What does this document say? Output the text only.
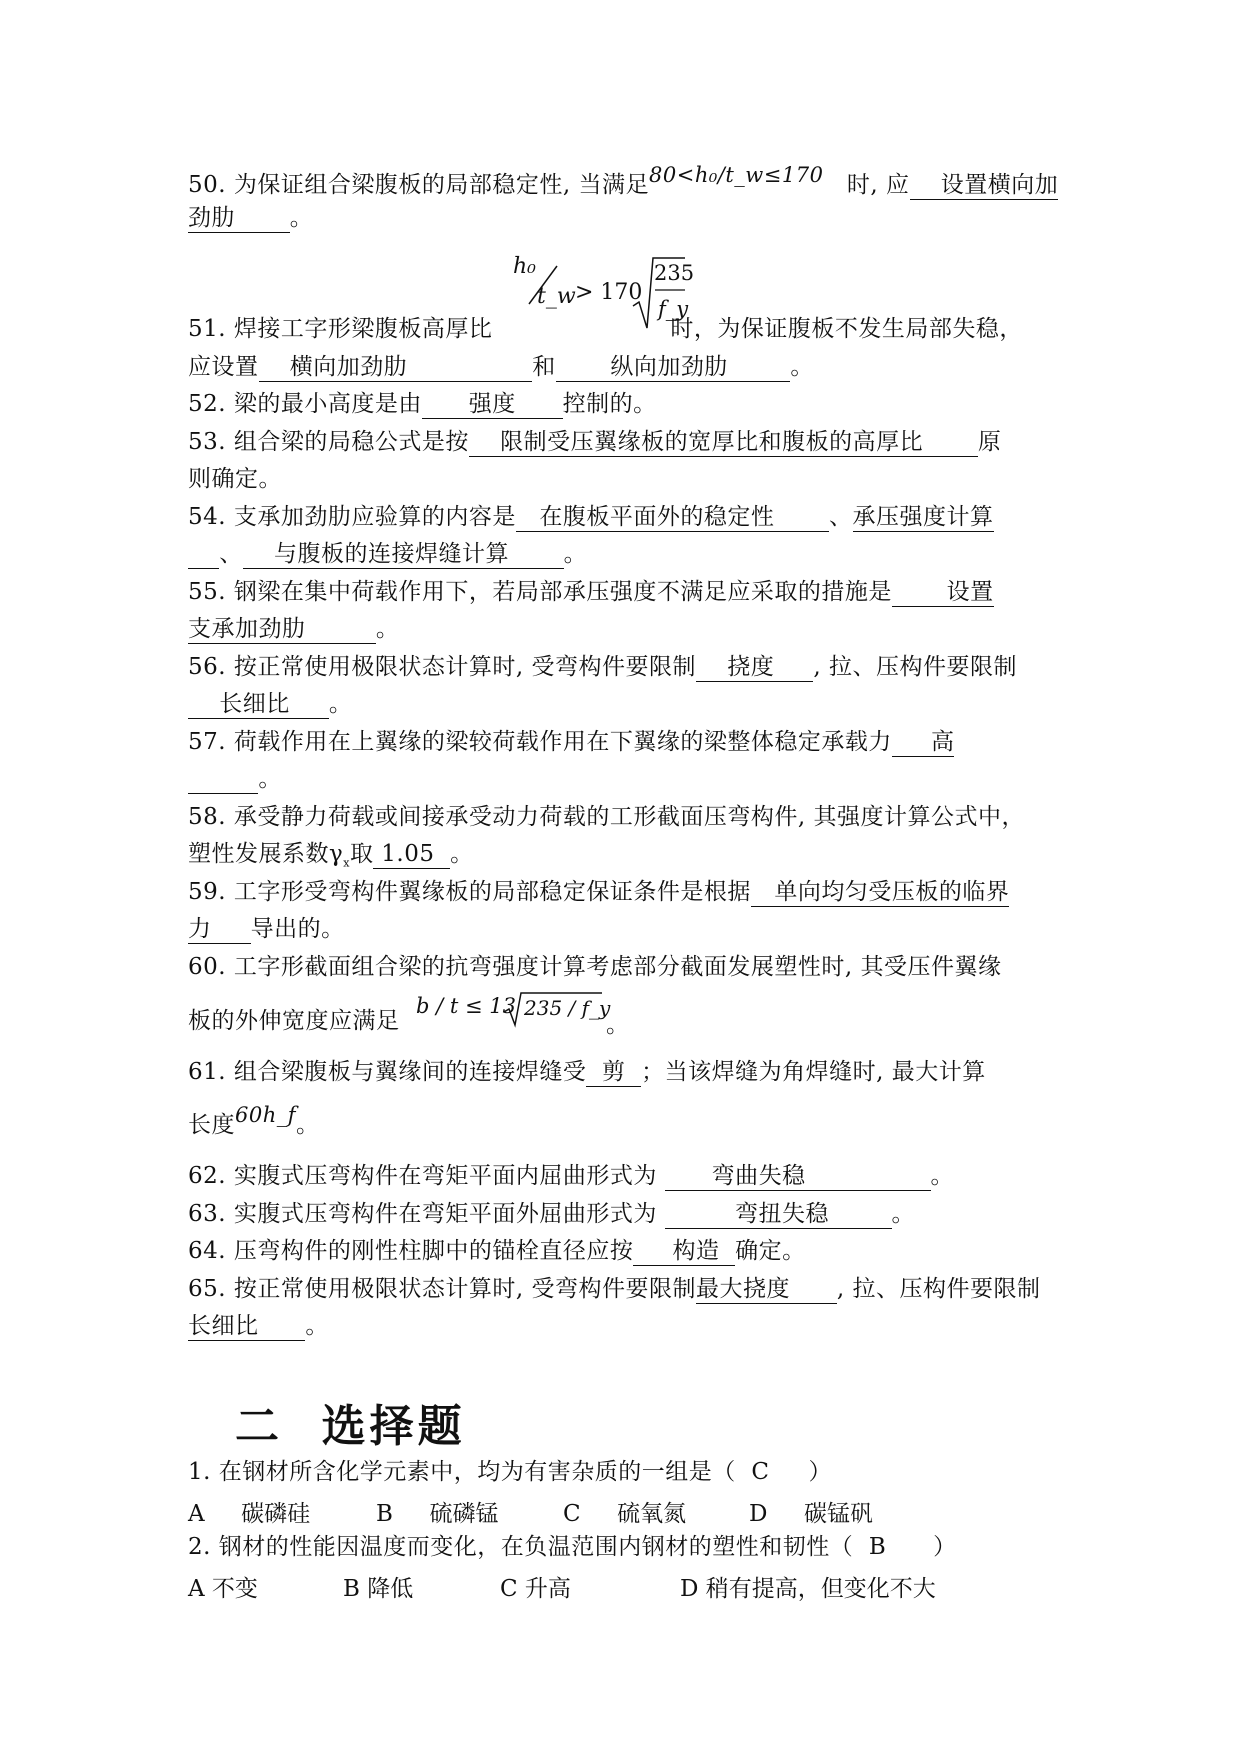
50. 为保证组合梁腹板的局部稳定性, 当满足80<h₀/t_w≤170 时, 应    设置横向加
劲肋       。
h₀
t_w > 170
235
f_y
51. 焊接工字形梁腹板高厚比	时，为保证腹板不发生局部失稳，
应设置    横向加劲肋                和       纵向加劲肋        。
52. 梁的最小高度是由      强度      控制的。
53. 组合梁的局稳公式是按    限制受压翼缘板的宽厚比和腹板的高厚比       原
则确定。
54. 支承加劲肋应验算的内容是   在腹板平面外的稳定性       、承压强度计算
、    与腹板的连接焊缝计算       。
55. 钢梁在集中荷载作用下，若局部承压强度不满足应采取的措施是       设置
支承加劲肋         。
56. 按正常使用极限状态计算时, 受弯构件要限制    挠度     , 拉、压构件要限制
长细比     。
57. 荷载作用在上翼缘的梁较荷载作用在下翼缘的梁整体稳定承载力     高
。
58. 承受静力荷载或间接承受动力荷载的工形截面压弯构件, 其强度计算公式中，
塑性发展系数$\gamma_x$取 1.05  。
59. 工字形受弯构件翼缘板的局部稳定保证条件是根据   单向均匀受压板的临界
力     导出的。
60. 工字形截面组合梁的抗弯强度计算考虑部分截面发展塑性时, 其受压件翼缘
板的外伸宽度应满足
b / t ≤ 13 235 / f_y
。
61. 组合梁腹板与翼缘间的连接焊缝受  剪  ；当该焊缝为角焊缝时, 最大计算
长度60h_f。
62. 实腹式压弯构件在弯矩平面内屈曲形式为       弯曲失稳                。
63. 实腹式压弯构件在弯矩平面外屈曲形式为          弯扭失稳        。
64. 压弯构件的刚性柱脚中的锚栓直径应按     构造  确定。
65. 按正常使用极限状态计算时, 受弯构件要限制最大挠度      , 拉、压构件要限制
长细比      。
二  选择题
1. 在钢材所含化学元素中，均为有害杂质的一组是（  C     ）
A     碳磷硅	B     硫磷锰	C     硫氧氮	D     碳锰矾
2. 钢材的性能因温度而变化，在负温范围内钢材的塑性和韧性（  B      ）
A 不变	B 降低	C 升高	D 稍有提高，但变化不大
